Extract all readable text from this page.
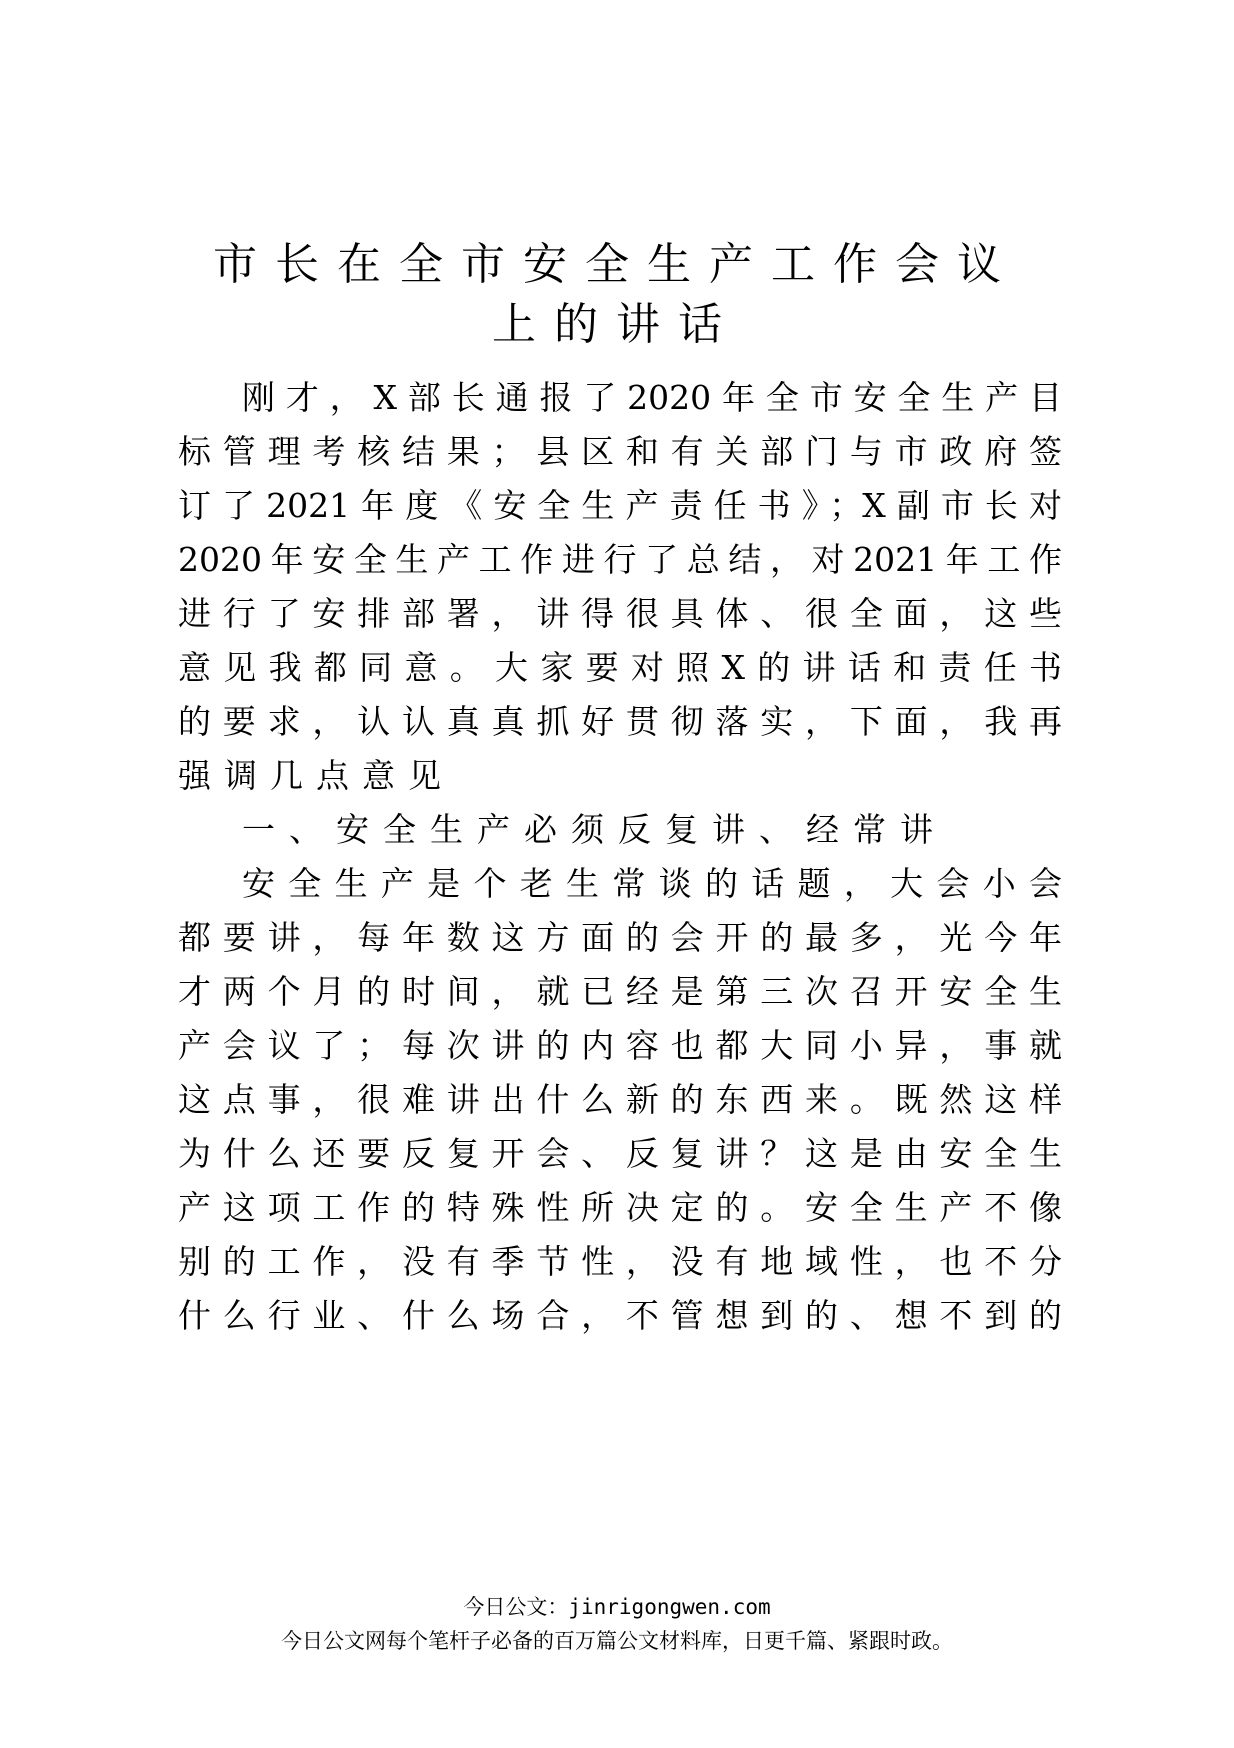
市长在全市安全生产工作会议
上的讲话
刚才，X部长通报了2020年全市安全生产目
标管理考核结果；县区和有关部门与市政府签
订了2021年度《安全生产责任书》；X副市长对
2020年安全生产工作进行了总结，对2021年工作
进行了安排部署，讲得很具体、很全面，这些
意见我都同意。大家要对照X的讲话和责任书
的要求，认认真真抓好贯彻落实，下面，我再
强调几点意见
一、安全生产必须反复讲、经常讲
安全生产是个老生常谈的话题，大会小会
都要讲，每年数这方面的会开的最多，光今年
才两个月的时间，就已经是第三次召开安全生
产会议了；每次讲的内容也都大同小异，事就
这点事，很难讲出什么新的东西来。既然这样
为什么还要反复开会、反复讲？这是由安全生
产这项工作的特殊性所决定的。安全生产不像
别的工作，没有季节性，没有地域性，也不分
什么行业、什么场合，不管想到的、想不到的
今日公文：jinrigongwen.com
今日公文网每个笔杆子必备的百万篇公文材料库，日更千篇、紧跟时政。
